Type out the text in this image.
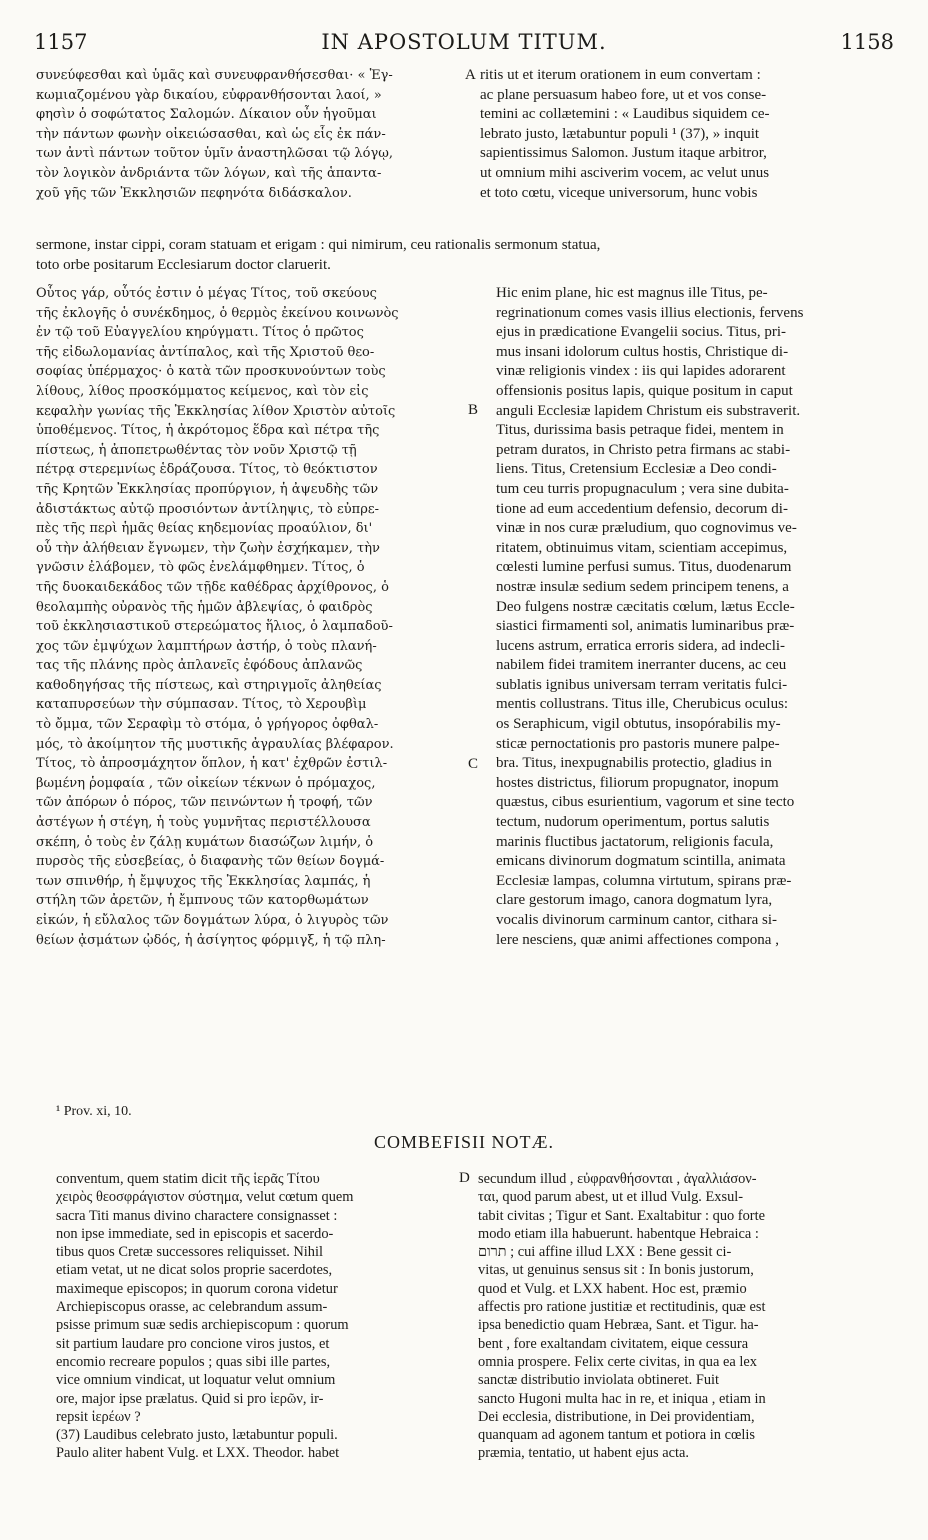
1157	IN APOSTOLUM TITUM.	1158
συνεύφεσθαι καὶ ὑμᾶς καὶ συνευφρανθήσεσθαι· « Ἐγ-
κωμιαζομένου γὰρ δικαίου, εὐφρανθήσονται λαοί, »
φησὶν ὁ σοφώτατος Σαλομών. Δίκαιον οὖν ἡγοῦμαι
τὴν πάντων φωνὴν οἰκειώσασθαι, καὶ ὡς εἷς ἐκ πάν-
των ἀντὶ πάντων τοῦτον ὑμῖν ἀναστηλῶσαι τῷ λόγῳ,
τὸν λογικὸν ἀνδριάντα τῶν λόγων, καὶ τῆς ἁπαντα-
χοῦ γῆς τῶν Ἐκκλησιῶν πεφηνότα διδάσκαλον.
ritis ut et iterum orationem in eum convertam :
ac plane persuasum habeo fore, ut et vos conse-
temini ac collætemini : « Laudibus siquidem ce-
lebrato justo, lætabuntur populi ¹ (37), » inquit
sapientissimus Salomon. Justum itaque arbitror,
ut omnium mihi asciverim vocem, ac velut unus
et toto cœtu, viceque universorum, hunc vobis
sermone, instar cippi, coram statuam et erigam : qui nimirum, ceu rationalis sermonum statua,
toto orbe positarum Ecclesiarum doctor claruerit.
Οὗτος γάρ, οὗτός ἐστιν ὁ μέγας Τίτος, τοῦ σκεύους
τῆς ἐκλογῆς ὁ συνέκδημος, ὁ θερμὸς ἐκείνου κοινωνὸς
ἐν τῷ τοῦ Εὐαγγελίου κηρύγματι. Τίτος ὁ πρῶτος
τῆς εἰδωλομανίας ἀντίπαλος, καὶ τῆς Χριστοῦ θεο-
σοφίας ὑπέρμαχος· ὁ κατὰ τῶν προσκυνούντων τοὺς
λίθους, λίθος προσκόμματος κείμενος, καὶ τὸν εἰς
κεφαλὴν γωνίας τῆς Ἐκκλησίας λίθον Χριστὸν αὐτοῖς
ὑποθέμενος. Τίτος, ἡ ἀκρότομος ἕδρα καὶ πέτρα τῆς
πίστεως, ἡ ἀποπετρωθέντας τὸν νοῦν Χριστῷ τῇ
πέτρᾳ στερεμνίως ἑδράζουσα. Τίτος, τὸ θεόκτιστον
τῆς Κρητῶν Ἐκκλησίας προπύργιον, ἡ ἀψευδὴς τῶν
ἀδιστάκτως αὐτῷ προσιόντων ἀντίληψις, τὸ εὐπρε-
πὲς τῆς περὶ ἡμᾶς θείας κηδεμονίας προαύλιον, δι'
οὗ τὴν ἀλήθειαν ἔγνωμεν, τὴν ζωὴν ἐσχήκαμεν, τὴν
γνῶσιν ἐλάβομεν, τὸ φῶς ἐνελάμφθημεν. Τίτος, ὁ
τῆς δυοκαιδεκάδος τῶν τῇδε καθέδρας ἀρχίθρονος, ὁ
θεολαμπὴς οὐρανὸς τῆς ἡμῶν ἀβλεψίας, ὁ φαιδρὸς
τοῦ ἐκκλησιαστικοῦ στερεώματος ἥλιος, ὁ λαμπαδοῦ-
χος τῶν ἐμψύχων λαμπτήρων ἀστήρ, ὁ τοὺς πλανή-
τας τῆς πλάνης πρὸς ἀπλανεῖς ἐφόδους ἀπλανῶς
καθοδηγήσας τῆς πίστεως, καὶ στηριγμοῖς ἀληθείας
καταπυρσεύων τὴν σύμπασαν. Τίτος, τὸ Χερουβὶμ
τὸ ὄμμα, τῶν Σεραφὶμ τὸ στόμα, ὁ γρήγορος ὀφθαλ-
μός, τὸ ἀκοίμητον τῆς μυστικῆς ἀγραυλίας βλέφαρον.
Τίτος, τὸ ἀπροσμάχητον ὅπλον, ἡ κατ' ἐχθρῶν ἐστιλ-
βωμένη ῥομφαία , τῶν οἰκείων τέκνων ὁ πρόμαχος,
τῶν ἀπόρων ὁ πόρος, τῶν πεινώντων ἡ τροφή, τῶν
ἀστέγων ἡ στέγη, ἡ τοὺς γυμνῆτας περιστέλλουσα
σκέπη, ὁ τοὺς ἐν ζάλῃ κυμάτων διασώζων λιμήν, ὁ
πυρσὸς τῆς εὐσεβείας, ὁ διαφανὴς τῶν θείων δογμά-
των σπινθήρ, ἡ ἔμψυχος τῆς Ἐκκλησίας λαμπάς, ἡ
στήλη τῶν ἀρετῶν, ἡ ἔμπνους τῶν κατορθωμάτων
εἰκών, ἡ εὔλαλος τῶν δογμάτων λύρα, ὁ λιγυρὸς τῶν
θείων ᾀσμάτων ᾠδός, ἡ ἀσίγητος φόρμιγξ, ἡ τῷ πλη-
Hic enim plane, hic est magnus ille Titus, pe-
regrinationum comes vasis illius electionis, fervens
ejus in prædicatione Evangelii socius. Titus, pri-
mus insani idolorum cultus hostis, Christique di-
vinæ religionis vindex : iis qui lapides adorarent
offensionis positus lapis, quique positum in caput
anguli Ecclesiæ lapidem Christum eis substraverit.
Titus, durissima basis petraque fidei, mentem in
petram duratos, in Christo petra firmans ac stabi-
liens. Titus, Cretensium Ecclesiæ a Deo condi-
tum ceu turris propugnaculum ; vera sine dubita-
tione ad eum accedentium defensio, decorum di-
vinæ in nos curæ præludium, quo cognovimus ve-
ritatem, obtinuimus vitam, scientiam accepimus,
cœlesti lumine perfusi sumus. Titus, duodenarum
nostræ insulæ sedium sedem principem tenens, a
Deo fulgens nostræ cæcitatis cœlum, lætus Eccle-
siastici firmamenti sol, animatis luminaribus præ-
lucens astrum, erratica erroris sidera, ad indecli-
nabilem fidei tramitem inerranter ducens, ac ceu
sublatis ignibus universam terram veritatis fulci-
mentis collustrans. Titus ille, Cherubicus oculus:
os Seraphicum, vigil obtutus, insopórabilis my-
sticæ pernoctationis pro pastoris munere palpe-
bra. Titus, inexpugnabilis protectio, gladius in
hostes districtus, filiorum propugnator, inopum
quæstus, cibus esurientium, vagorum et sine tecto
tectum, nudorum operimentum, portus salutis
marinis fluctibus jactatorum, religionis facula,
emicans divinorum dogmatum scintilla, animata
Ecclesiæ lampas, columna virtutum, spirans præ-
clare gestorum imago, canora dogmatum lyra,
vocalis divinorum carminum cantor, cithara si-
lere nesciens, quæ animi affectiones compona ,
A
B
C
D
¹ Prov. xi, 10.
COMBEFISII NOTÆ.
conventum, quem statim dicit τῆς ἱερᾶς Τίτου
χειρὸς θεοσφράγιστον σύστημα, velut cœtum quem
sacra Titi manus divino charactere consignasset :
non ipse immediate, sed in episcopis et sacerdo-
tibus quos Cretæ successores reliquisset. Nihil
etiam vetat, ut ne dicat solos proprie sacerdotes,
maximeque episcopos; in quorum corona videtur
Archiepiscopus orasse, ac celebrandum assum-
psisse primum suæ sedis archiepiscopum : quorum
sit partium laudare pro concione viros justos, et
encomio recreare populos ; quas sibi ille partes,
vice omnium vindicat, ut loquatur velut omnium
ore, major ipse prælatus. Quid si pro ἱερῶν, ir-
repsit ἱερέων ?
(37) Laudibus celebrato justo, lætabuntur populi.
Paulo aliter habent Vulg. et LXX. Theodor. habet
secundum illud , εὐφρανθήσονται , ἀγαλλιάσον-
ται, quod parum abest, ut et illud Vulg. Exsul-
tabit civitas ; Tigur et Sant. Exaltabitur : quo forte
modo etiam illa habuerunt. habentque Hebraica :
תרום ; cui affine illud LXX : Bene gessit ci-
vitas, ut genuinus sensus sit : In bonis justorum,
quod et Vulg. et LXX habent. Hoc est, præmio
affectis pro ratione justitiæ et rectitudinis, quæ est
ipsa benedictio quam Hebræa, Sant. et Tigur. ha-
bent , fore exaltandam civitatem, eique cessura
omnia prospere. Felix certe civitas, in qua ea lex
sanctæ distributio inviolata obtineret. Fuit
sancto Hugoni multa hac in re, et iniqua , etiam in
Dei ecclesia, distributione, in Dei providentiam,
quanquam ad agonem tantum et potiora in cœlis
præmia, tentatio, ut habent ejus acta.
